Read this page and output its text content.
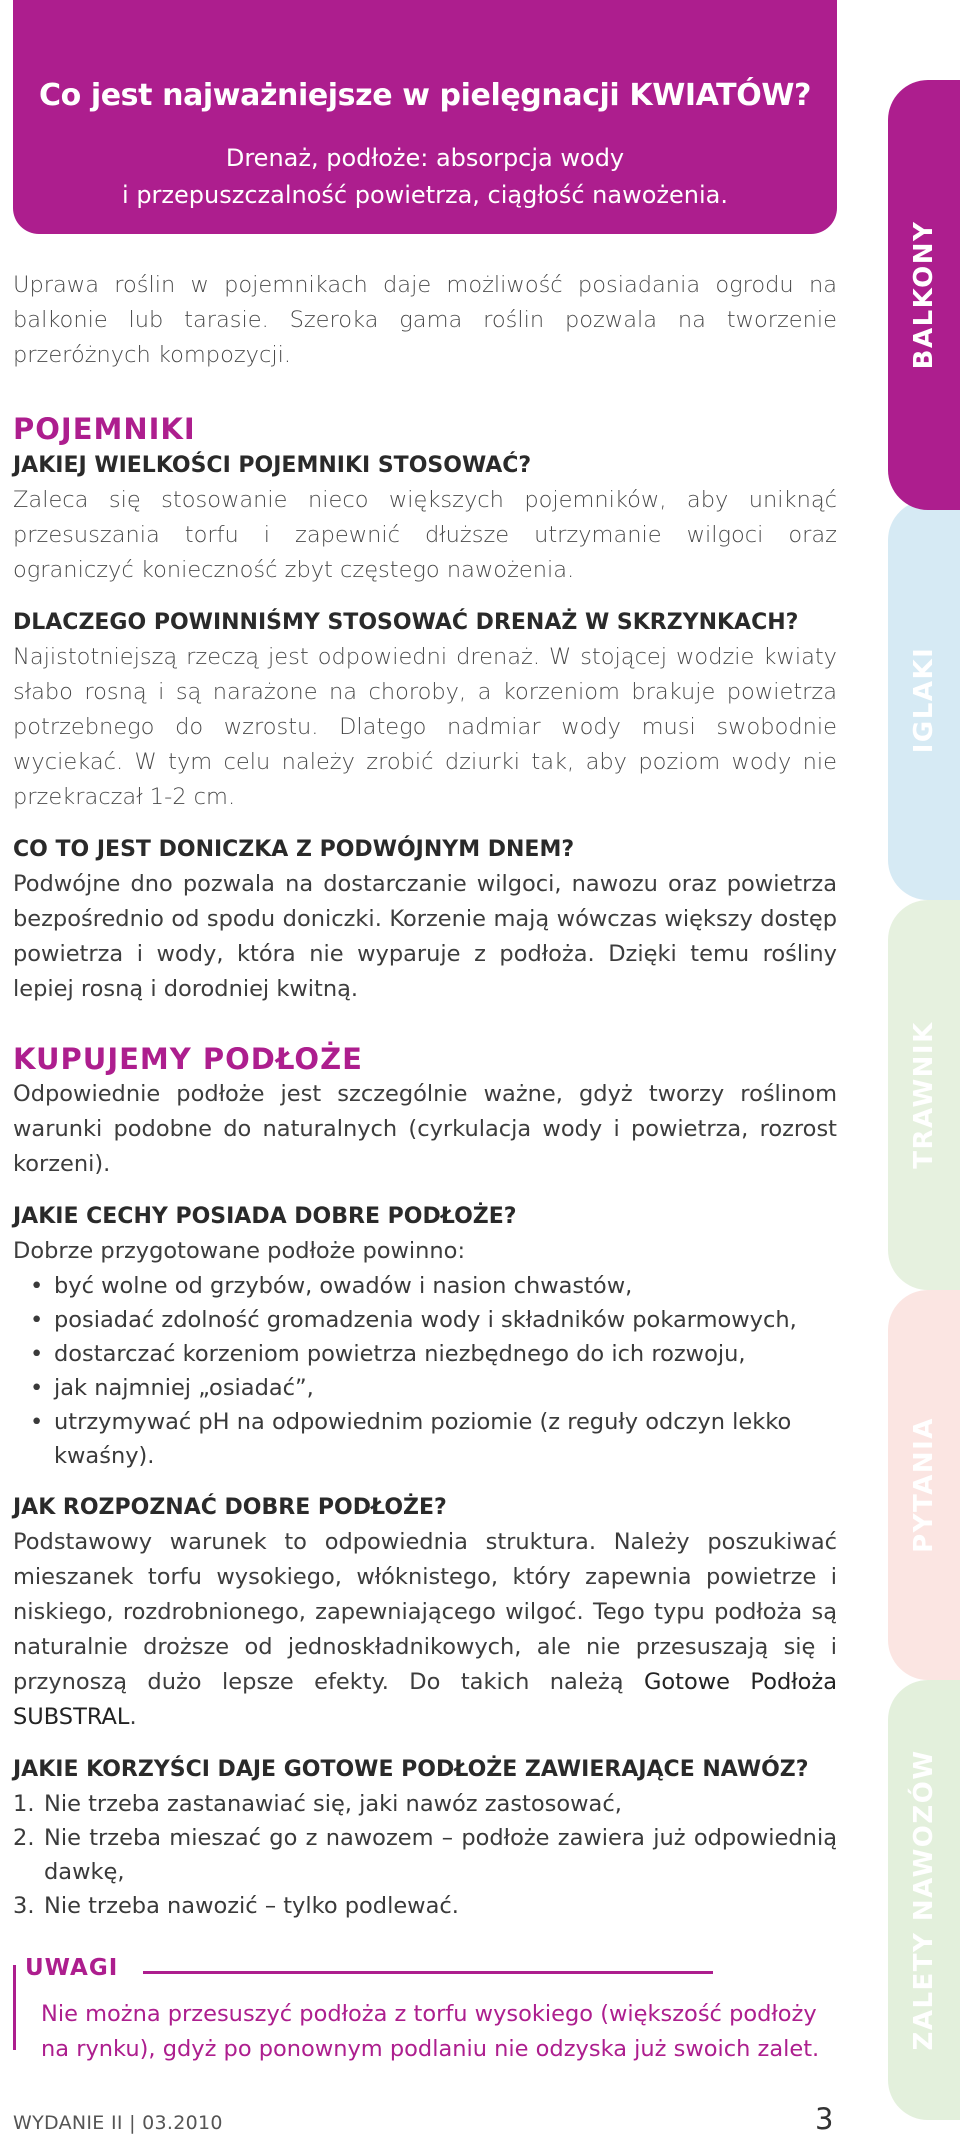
Co jest najważniejsze w pielęgnacji KWIATÓW?
Drenaż, podłoże: absorpcja wody
i przepuszczalność powietrza, ciągłość nawożenia.

Uprawa roślin w pojemnikach daje możliwość posiadania ogrodu na balkonie lub tarasie. Szeroka gama roślin pozwala na tworzenie przeróżnych kompozycji.

POJEMNIKI
JAKIEJ WIELKOŚCI POJEMNIKI STOSOWAĆ?

Zaleca się stosowanie nieco większych pojemników, aby uniknąć przesuszania torfu i zapewnić dłuższe utrzymanie wilgoci oraz ograniczyć konieczność zbyt częstego nawożenia.

DLACZEGO POWINNIŚMY STOSOWAĆ DRENAŻ W SKRZYNKACH?

Najistotniejszą rzeczą jest odpowiedni drenaż. W stojącej wodzie kwiaty słabo rosną i są narażone na choroby, a korzeniom brakuje powietrza potrzebnego do wzrostu. Dlatego nadmiar wody musi swobodnie wyciekać. W tym celu należy zrobić dziurki tak, aby poziom wody nie przekraczał 1-2 cm.

CO TO JEST DONICZKA Z PODWÓJNYM DNEM?

Podwójne dno pozwala na dostarczanie wilgoci, nawozu oraz powietrza bezpośrednio od spodu doniczki. Korzenie mają wówczas większy dostęp powietrza i wody, która nie wyparuje z podłoża. Dzięki temu rośliny lepiej rosną i dorodniej kwitną.

KUPUJEMY PODŁOŻE

Odpowiednie podłoże jest szczególnie ważne, gdyż tworzy roślinom warunki podobne do naturalnych (cyrkulacja wody i powietrza, rozrost korzeni).

JAKIE CECHY POSIADA DOBRE PODŁOŻE?

Dobrze przygotowane podłoże powinno:

• być wolne od grzybów, owadów i nasion chwastów,
• posiadać zdolność gromadzenia wody i składników pokarmowych,
• dostarczać korzeniom powietrza niezbędnego do ich rozwoju,
• jak najmniej „osiadać”,
• utrzymywać pH na odpowiednim poziomie (z reguły odczyn lekko kwaśny).
JAK ROZPOZNAĆ DOBRE PODŁOŻE?

Podstawowy warunek to odpowiednia struktura. Należy poszukiwać mieszanek torfu wysokiego, włóknistego, który zapewnia powietrze i niskiego, rozdrobnionego, zapewniającego wilgoć. Tego typu podłoża są naturalnie droższe od jednoskładnikowych, ale nie przesuszają się i przynoszą dużo lepsze efekty. Do takich należą Gotowe Podłoża SUBSTRAL.

JAKIE KORZYŚCI DAJE GOTOWE PODŁOŻE ZAWIERAJĄCE NAWÓZ?
1. Nie trzeba zastanawiać się, jaki nawóz zastosować,
2. Nie trzeba mieszać go z nawozem – podłoże zawiera już odpowiednią dawkę,
3. Nie trzeba nawozić – tylko podlewać.
UWAGI
Nie można przesuszyć podłoża z torfu wysokiego (większość podłoży na rynku), gdyż po ponownym podlaniu nie odzyska już swoich zalet.
WYDANIE II | 03.2010	3
BALKONY
IGLAKI
TRAWNIK
PYTANIA
ZALETY NAWOZÓW
